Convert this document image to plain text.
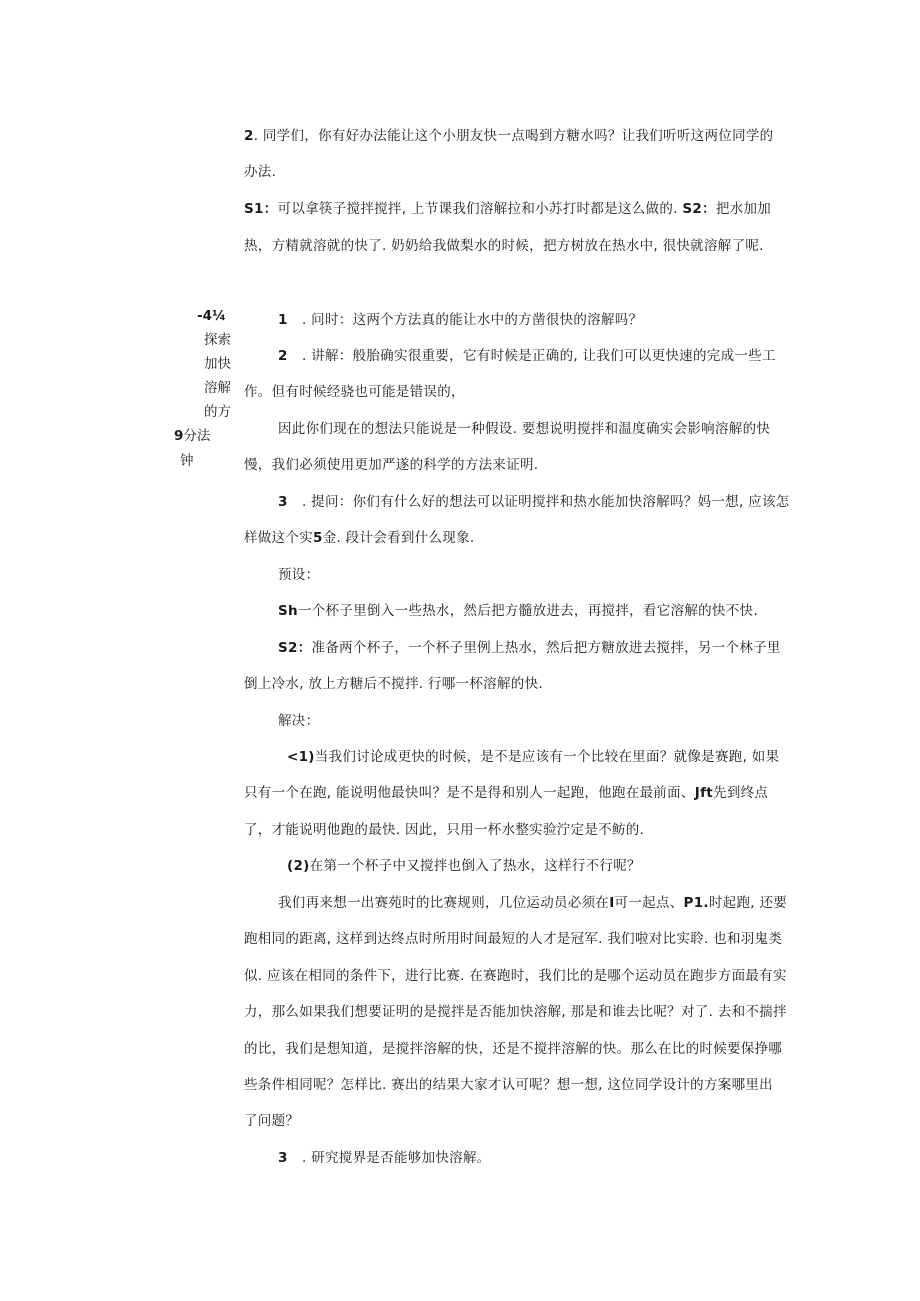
2. 同学们，你有好办法能让这个小朋友快一点喝到方糖水吗？让我们听听这两位同学的
办法.
S1：可以拿筷子搅拌搅拌, 上节课我们溶解拉和小苏打时都是这么做的. S2：把水加加
热，方精就溶就的快了. 奶奶给我做梨水的时候，把方树放在热水中, 很快就溶解了呢.
-4¼
探索
加快
溶解
的方
9分法
钟
1 . 问时：这两个方法真的能让水中的方凿很快的溶解吗？
2 . 讲解：般胎确实很重要，它有时候是正确的, 让我们可以更快速的完成一些工
作。但有时候经骁也可能是错误的，
因此你们现在的想法只能说是一种假设. 要想说明搅拌和温度确实会影响溶解的快
慢，我们必须使用更加严遂的科学的方法来证明.
3 . 提问：你们有什么好的想法可以证明搅拌和热水能加快溶解吗？妈一想, 应该怎
样做这个实5金. 段计会看到什么现象.
预设：
Sh一个杯子里倒入一些热水，然后把方髓放进去，再搅拌，看它溶解的快不快.
S2：准备两个杯子，一个杯子里例上热水，然后把方糖放进去搅拌，另一个林子里
倒上冷水, 放上方糖后不搅拌. 行哪一杯溶解的快.
解决：
<1)当我们讨论成更快的时候，是不是应该有一个比较在里面？就像是赛跑, 如果
只有一个在跑, 能说明他最快叫？是不是得和别人一起跑，他跑在最前面、Jft先到终点
了，才能说明他跑的最快. 因此，只用一杯水整实验泞定是不鲂的.
(2)在第一个杯子中又搅拌也倒入了热水，这样行不行呢？
我们再来想一出赛苑时的比赛规则，几位运动员必须在I可一起点、P1.时起跑, 还要
跑相同的距离, 这样到达终点时所用时间最短的人才是冠军. 我们啦对比实聆. 也和羽鬼类
似. 应该在相同的条件下，进行比赛. 在赛跑时，我们比的是哪个运动员在跑步方面最有实
力，那么如果我们想要证明的是搅拌是否能加快溶解, 那是和谁去比呢？对了. 去和不揣拌
的比，我们是想知道，是搅拌溶解的快，还是不搅拌溶解的快。那么在比的时候要保挣哪
些条件相同呢？怎样比. 赛出的结果大家才认可呢？想一想, 这位同学设计的方案哪里出
了问题？
3 . 研究搅界是否能够加快溶解。
